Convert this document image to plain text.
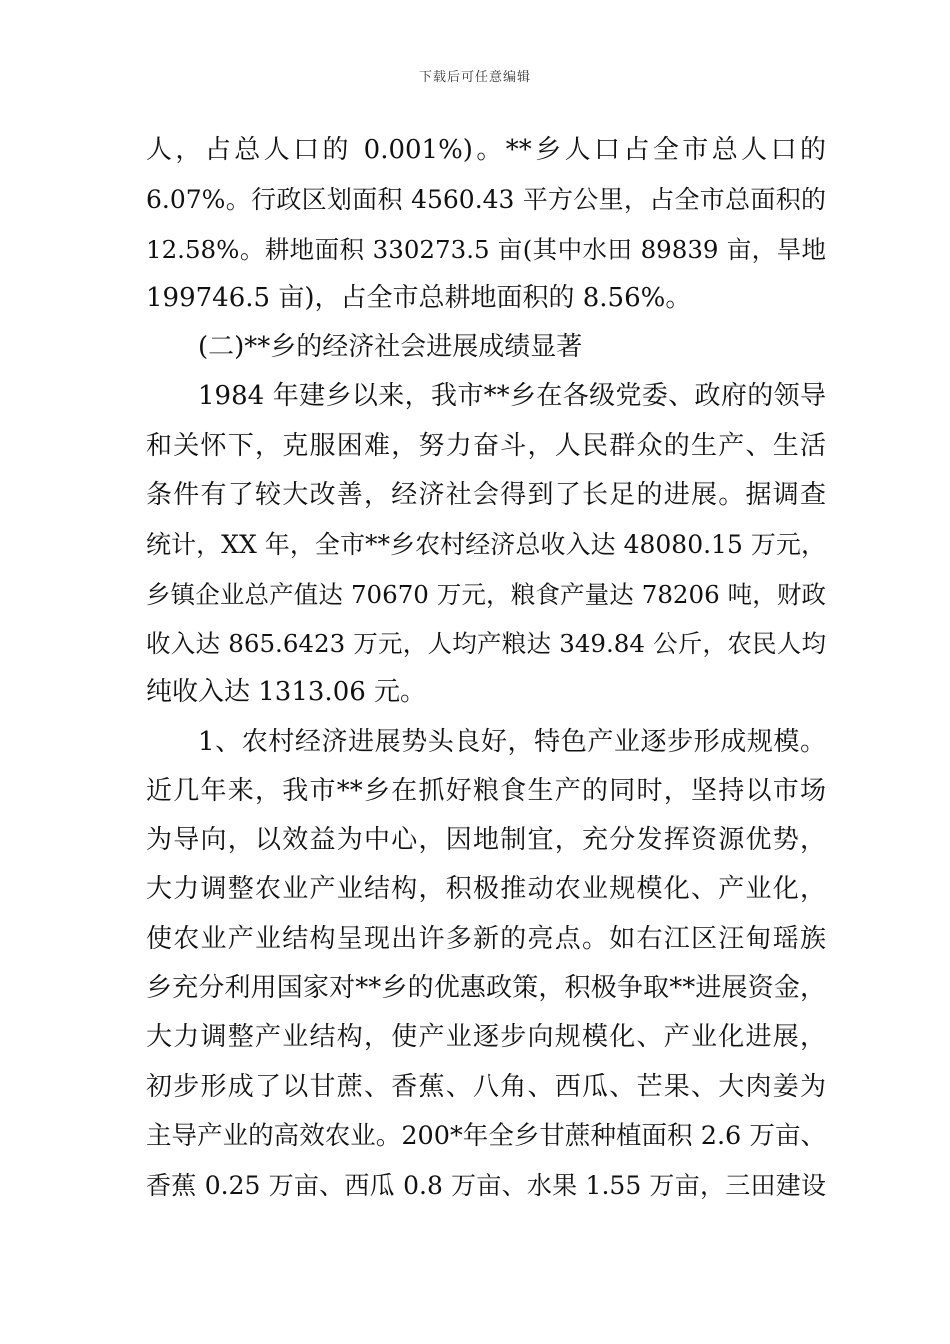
下载后可任意编辑
人，占总人口的 0.001%)。**乡人口占全市总人口的
6.07%。行政区划面积 4560.43 平方公里，占全市总面积的
12.58%。耕地面积 330273.5 亩(其中水田 89839 亩，旱地
199746.5 亩)，占全市总耕地面积的 8.56%。
(二)**乡的经济社会进展成绩显著
1984 年建乡以来，我市**乡在各级党委、政府的领导
和关怀下，克服困难，努力奋斗，人民群众的生产、生活
条件有了较大改善，经济社会得到了长足的进展。据调查
统计，XX 年，全市**乡农村经济总收入达 48080.15 万元，
乡镇企业总产值达 70670 万元，粮食产量达 78206 吨，财政
收入达 865.6423 万元，人均产粮达 349.84 公斤，农民人均
纯收入达 1313.06 元。
1、农村经济进展势头良好，特色产业逐步形成规模。
近几年来，我市**乡在抓好粮食生产的同时，坚持以市场
为导向，以效益为中心，因地制宜，充分发挥资源优势，
大力调整农业产业结构，积极推动农业规模化、产业化，
使农业产业结构呈现出许多新的亮点。如右江区汪甸瑶族
乡充分利用国家对**乡的优惠政策，积极争取**进展资金，
大力调整产业结构，使产业逐步向规模化、产业化进展，
初步形成了以甘蔗、香蕉、八角、西瓜、芒果、大肉姜为
主导产业的高效农业。200*年全乡甘蔗种植面积 2.6 万亩、
香蕉 0.25 万亩、西瓜 0.8 万亩、水果 1.55 万亩，三田建设
